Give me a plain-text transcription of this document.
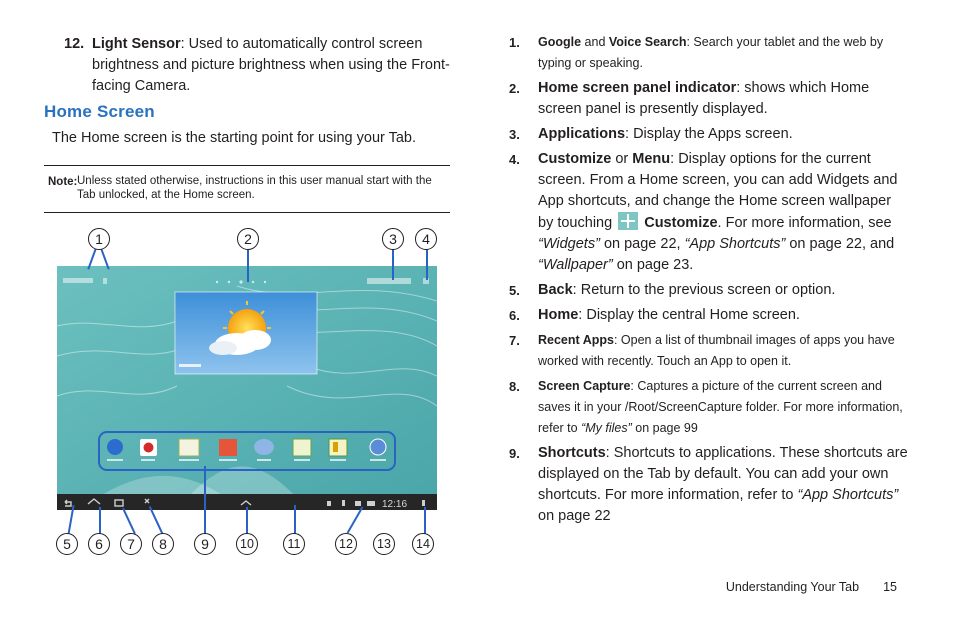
12. Light Sensor: Used to automatically control screen brightness and picture brightness when using the Front-facing Camera.
Home Screen
The Home screen is the starting point for using your Tab.
Note: Unless stated otherwise, instructions in this user manual start with the Tab unlocked, at the Home screen.
12:16
1	2	3	4
5	6	7	8	9	10	11	12	13	14
1. Google and Voice Search: Search your tablet and the web by typing or speaking.
2. Home screen panel indicator: shows which Home screen panel is presently displayed.
3. Applications: Display the Apps screen.
4. Customize or Menu: Display options for the current screen. From a Home screen, you can add Widgets and App shortcuts, and change the Home screen wallpaper by touching  Customize. For more information, see “Widgets” on page 22, “App Shortcuts” on page 22, and “Wallpaper” on page 23.
5. Back: Return to the previous screen or option.
6. Home: Display the central Home screen.
7. Recent Apps: Open a list of thumbnail images of apps you have worked with recently. Touch an App to open it.
8. Screen Capture: Captures a picture of the current screen and saves it in your /Root/ScreenCapture folder. For more information, refer to “My files” on page 99
9. Shortcuts: Shortcuts to applications. These shortcuts are displayed on the Tab by default. You can add your own shortcuts. For more information, refer to “App Shortcuts” on page 22
Understanding Your Tab 15
